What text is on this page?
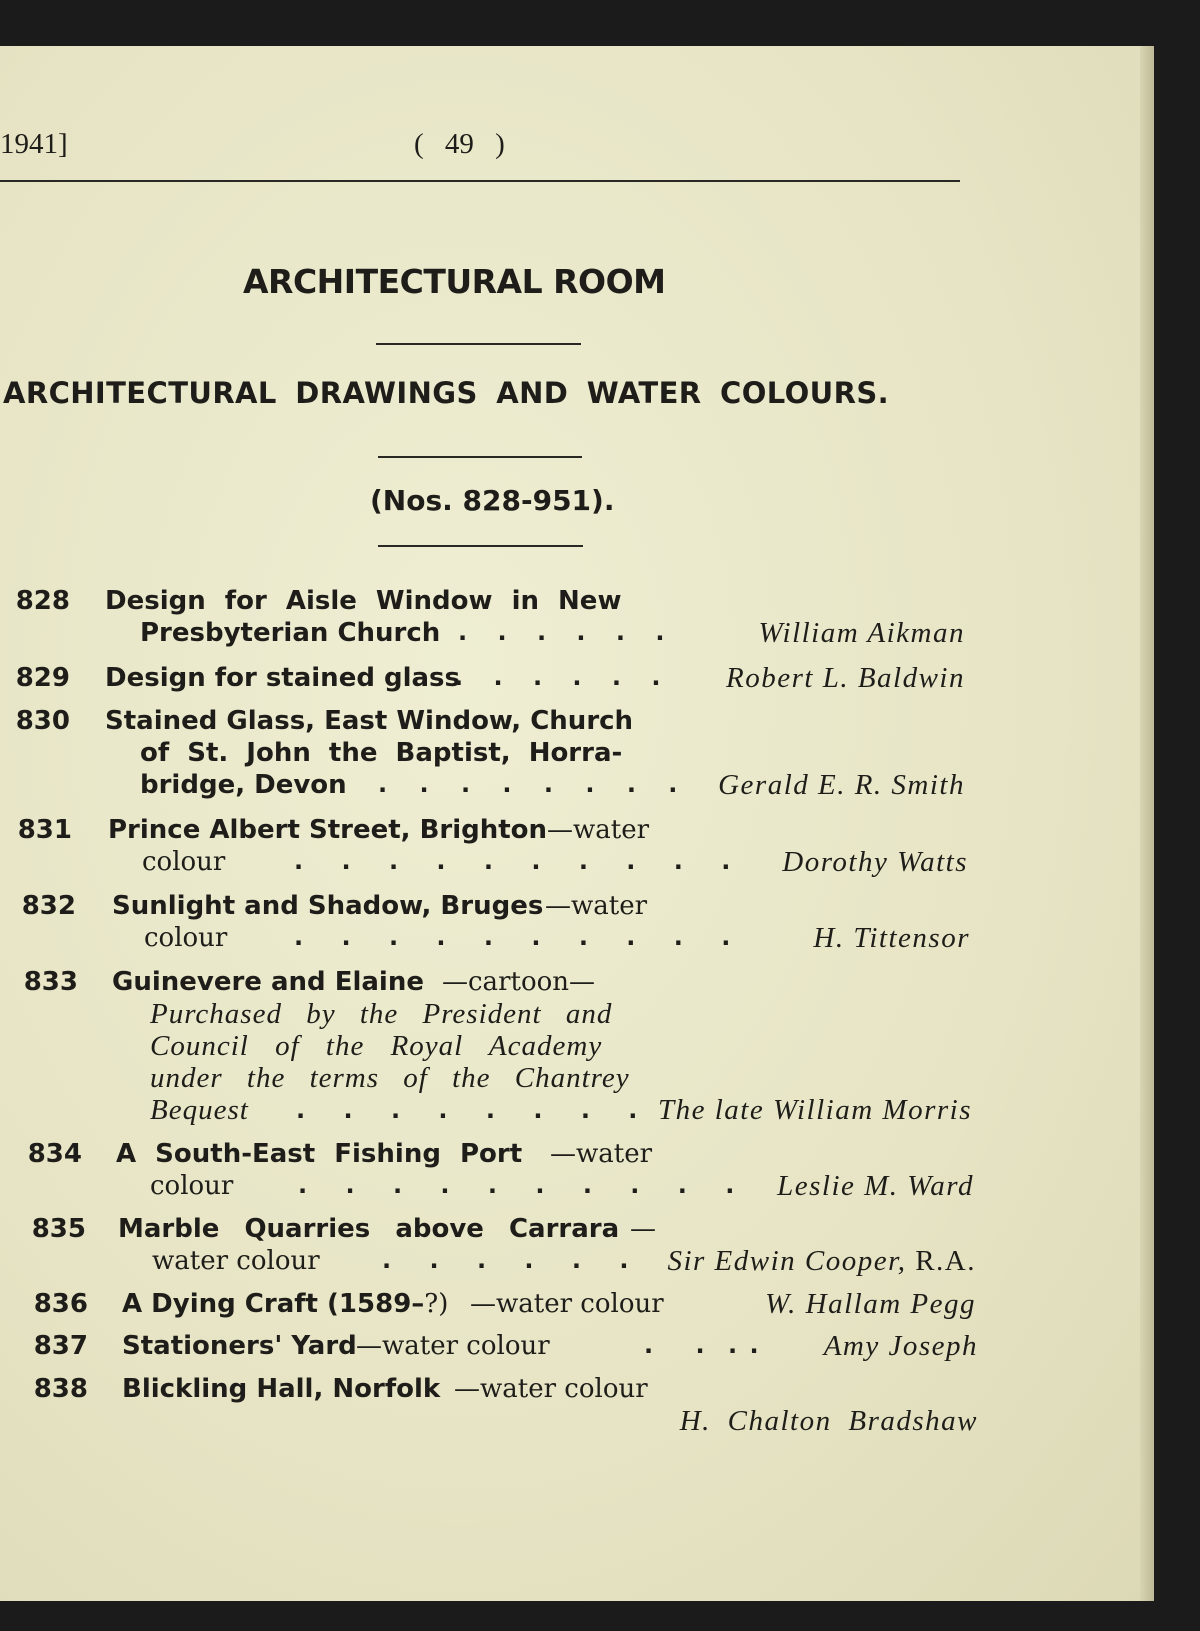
1941]	( 49 )
ARCHITECTURAL ROOM
ARCHITECTURAL DRAWINGS AND WATER COLOURS.
(Nos. 828-951).
828 Design for Aisle Window in New
Presbyterian Church . . . . . .	William Aikman
829 Design for stained glass
. . . . . . Robert L. Baldwin
830 Stained Glass, East Window, Church
of St. John the Baptist, Horra-
bridge, Devon . . . . . . . . Gerald E. R. Smith
831 Prince Albert Street, Brighton —water
colour	. . . . . . . . . . Dorothy Watts
832 Sunlight and Shadow, Bruges —water
colour	. . . . . . . . . .	H. Tittensor
833 Guinevere and Elaine —cartoon—
Purchased by the President and
Council of the Royal Academy
under the terms of the Chantrey
Bequest . . . . . . . . The late William Morris
834 A South-East Fishing Port —water
colour	. . . . . . . . . . Leslie M. Ward
835 Marble Quarries above Carrara —
water colour	. . . . . . Sir Edwin Cooper, R.A.
836 A Dying Craft (1589–?) —water colour	W. Hallam Pegg
837 Stationers' Yard —water colour	. . . . Amy Joseph
838 Blickling Hall, Norfolk —water colour
H. Chalton Bradshaw
